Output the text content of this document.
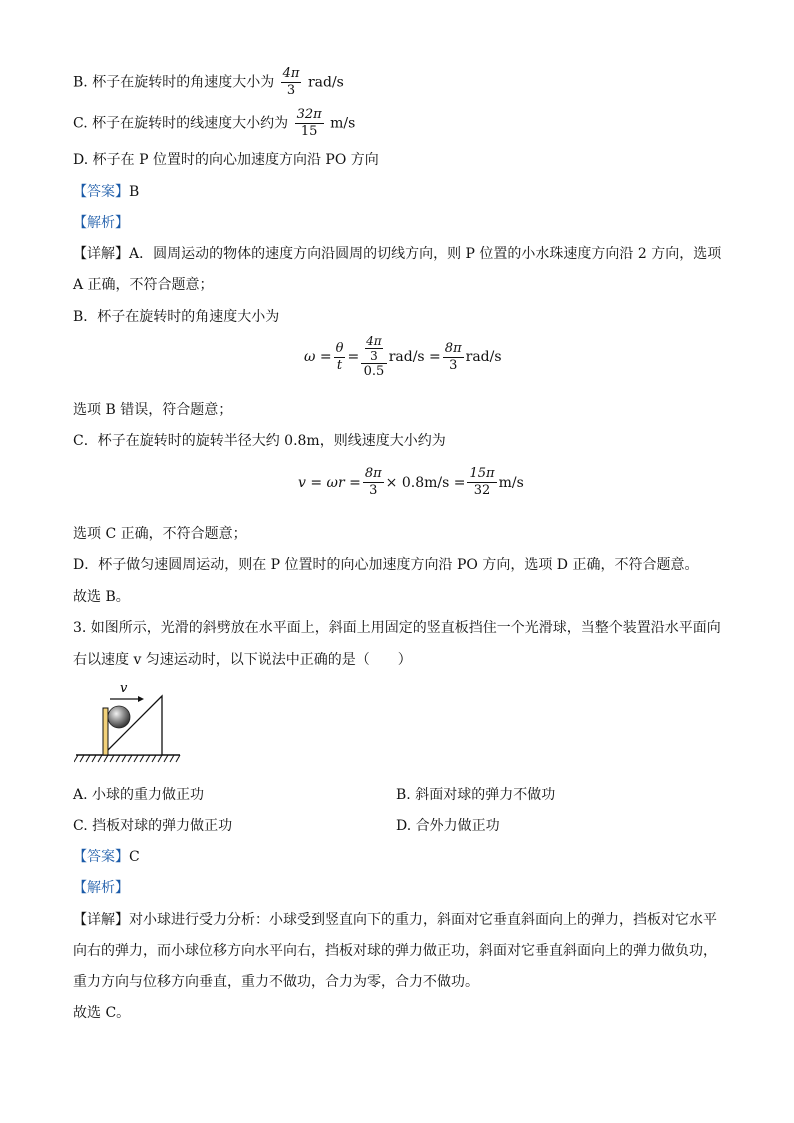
B. 杯子在旋转时的角速度大小为 $\frac{4\pi}{3} rad/s$
C. 杯子在旋转时的线速度大小约为 $\frac{32\pi}{15} m/s$
D. 杯子在 P 位置时的向心加速度方向沿 PO 方向
【答案】B
【解析】
【详解】A．圆周运动的物体的速度方向沿圆周的切线方向，则 P 位置的小水珠速度方向沿 2 方向，选项
A 正确，不符合题意；
B．杯子在旋转时的角速度大小为
$\omega = \frac{\theta}{t} = \frac{\frac{4\pi}{3}}{0.5} rad/s = \frac{8\pi}{3} rad/s$
选项 B 错误，符合题意；
C．杯子在旋转时的旋转半径大约 0.8m，则线速度大小约为
$v = \omega r = \frac{8\pi}{3} \times 0.8m/s = \frac{15\pi}{32} m/s$
选项 C 正确，不符合题意；
D．杯子做匀速圆周运动，则在 P 位置时的向心加速度方向沿 PO 方向，选项 D 正确，不符合题意。
故选 B。
3. 如图所示，光滑的斜劈放在水平面上，斜面上用固定的竖直板挡住一个光滑球，当整个装置沿水平面向
右以速度 v 匀速运动时，以下说法中正确的是（　　）
v
A. 小球的重力做正功	B. 斜面对球的弹力不做功
C. 挡板对球的弹力做正功	D. 合外力做正功
【答案】C
【解析】
【详解】对小球进行受力分析：小球受到竖直向下的重力，斜面对它垂直斜面向上的弹力，挡板对它水平
向右的弹力，而小球位移方向水平向右，挡板对球的弹力做正功，斜面对它垂直斜面向上的弹力做负功，
重力方向与位移方向垂直，重力不做功，合力为零，合力不做功。
故选 C。
